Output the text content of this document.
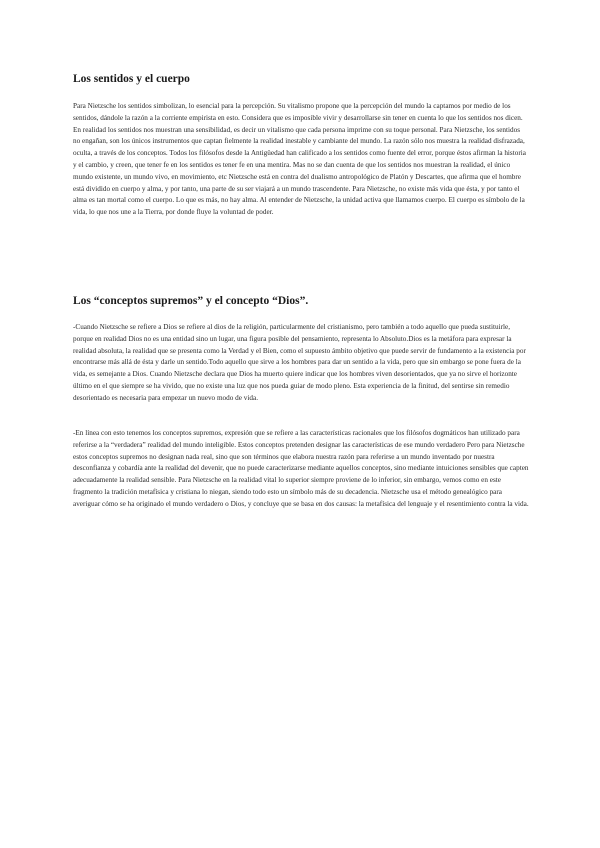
Los sentidos y el cuerpo

Para Nietzsche los sentidos simbolizan, lo esencial para la percepción. Su vitalismo propone que la percepción del mundo la captamos por medio de los sentidos, dándole la razón a la corriente empirista en esto. Considera que es imposible vivir y desarrollarse sin tener en cuenta lo que los sentidos nos dicen. En realidad los sentidos nos muestran una sensibilidad, es decir un vitalismo que cada persona imprime con su toque personal. Para Nietzsche, los sentidos no engañan, son los únicos instrumentos que captan fielmente la realidad inestable y cambiante del mundo. La razón sólo nos muestra la realidad disfrazada, oculta, a través de los conceptos. Todos los filósofos desde la Antigüedad han calificado a los sentidos como fuente del error, porque éstos afirman la historia y el cambio, y creen, que tener fe en los sentidos es tener fe en una mentira. Mas no se dan cuenta de que los sentidos nos muestran la realidad, el único mundo existente, un mundo vivo, en movimiento, etc Nietzsche está en contra del dualismo antropológico de Platón y Descartes, que afirma que el hombre está dividido en cuerpo y alma, y por tanto, una parte de su ser viajará a un mundo trascendente. Para Nietzsche, no existe más vida que ésta, y por tanto el alma es tan mortal como el cuerpo. Lo que es más, no hay alma. Al entender de Nietzsche, la unidad activa que llamamos cuerpo. El cuerpo es símbolo de la vida, lo que nos une a la Tierra, por donde fluye la voluntad de poder.

Los “conceptos supremos” y el concepto “Dios”.

-Cuando Nietzsche se refiere a Dios se refiere al dios de la religión, particularmente del cristianismo, pero también a todo aquello que pueda sustituirle, porque en realidad Dios no es una entidad sino un lugar, una figura posible del pensamiento, representa lo Absoluto.Dios es la metáfora para expresar la realidad absoluta, la realidad que se presenta como la Verdad y el Bien, como el supuesto ámbito objetivo que puede servir de fundamento a la existencia por encontrarse más allá de ésta y darle un sentido.Todo aquello que sirve a los hombres para dar un sentido a la vida, pero que sin embargo se pone fuera de la vida, es semejante a Dios. Cuando Nietzsche declara que Dios ha muerto quiere indicar que los hombres viven desorientados, que ya no sirve el horizonte último en el que siempre se ha vivido, que no existe una luz que nos pueda guiar de modo pleno. Esta experiencia de la finitud, del sentirse sin remedio desorientado es necesaria para empezar un nuevo modo de vida.

-En línea con esto tenemos los conceptos supremos, expresión que se refiere a las características racionales que los filósofos dogmáticos han utilizado para referirse a la “verdadera” realidad del mundo inteligible. Estos conceptos pretenden designar las características de ese mundo verdadero Pero para Nietzsche estos conceptos supremos no designan nada real, sino que son términos que elabora nuestra razón para referirse a un mundo inventado por nuestra desconfianza y cobardía ante la realidad del devenir, que no puede caracterizarse mediante aquellos conceptos, sino mediante intuiciones sensibles que capten adecuadamente la realidad sensible. Para Nietzsche en la realidad vital lo superior siempre proviene de lo inferior, sin embargo, vemos como en este fragmento la tradición metafísica y cristiana lo niegan, siendo todo esto un símbolo más de su decadencia. Nietzsche usa el método genealógico para averiguar cómo se ha originado el mundo verdadero o Dios, y concluye que se basa en dos causas: la metafísica del lenguaje y el resentimiento contra la vida.
